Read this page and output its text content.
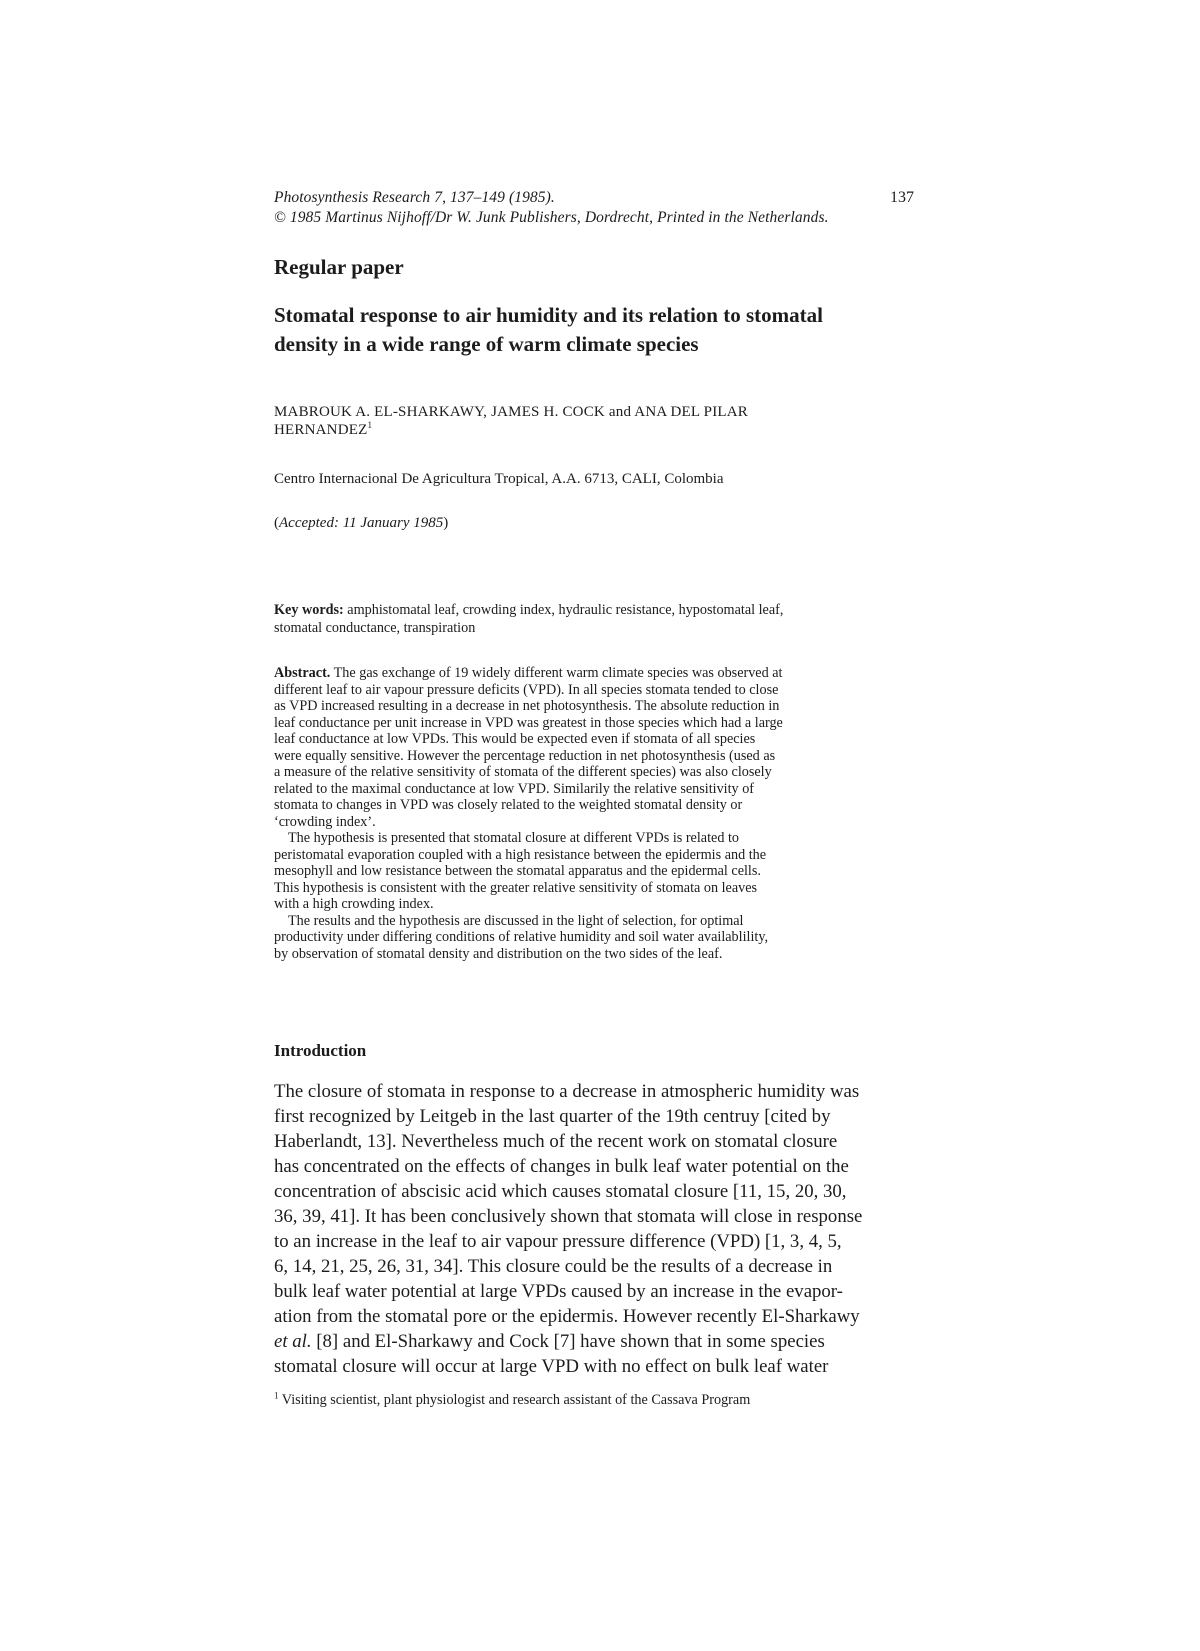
Photosynthesis Research 7, 137–149 (1985).
© 1985 Martinus Nijhoff/Dr W. Junk Publishers, Dordrecht, Printed in the Netherlands.
137
Regular paper
Stomatal response to air humidity and its relation to stomatal
density in a wide range of warm climate species
MABROUK A. EL-SHARKAWY, JAMES H. COCK and ANA DEL PILAR
HERNANDEZ$^1$
Centro Internacional De Agricultura Tropical, A.A. 6713, CALI, Colombia
(Accepted: 11 January 1985)
Key words: amphistomatal leaf, crowding index, hydraulic resistance, hypostomatal leaf,
stomatal conductance, transpiration
Abstract. The gas exchange of 19 widely different warm climate species was observed at
different leaf to air vapour pressure deficits (VPD). In all species stomata tended to close
as VPD increased resulting in a decrease in net photosynthesis. The absolute reduction in
leaf conductance per unit increase in VPD was greatest in those species which had a large
leaf conductance at low VPDs. This would be expected even if stomata of all species
were equally sensitive. However the percentage reduction in net photosynthesis (used as
a measure of the relative sensitivity of stomata of the different species) was also closely
related to the maximal conductance at low VPD. Similarily the relative sensitivity of
stomata to changes in VPD was closely related to the weighted stomatal density or
‘crowding index’.
The hypothesis is presented that stomatal closure at different VPDs is related to
peristomatal evaporation coupled with a high resistance between the epidermis and the
mesophyll and low resistance between the stomatal apparatus and the epidermal cells.
This hypothesis is consistent with the greater relative sensitivity of stomata on leaves
with a high crowding index.
The results and the hypothesis are discussed in the light of selection, for optimal
productivity under differing conditions of relative humidity and soil water availablility,
by observation of stomatal density and distribution on the two sides of the leaf.
Introduction
The closure of stomata in response to a decrease in atmospheric humidity was
first recognized by Leitgeb in the last quarter of the 19th centruy [cited by
Haberlandt, 13]. Nevertheless much of the recent work on stomatal closure
has concentrated on the effects of changes in bulk leaf water potential on the
concentration of abscisic acid which causes stomatal closure [11, 15, 20, 30,
36, 39, 41]. It has been conclusively shown that stomata will close in response
to an increase in the leaf to air vapour pressure difference (VPD) [1, 3, 4, 5,
6, 14, 21, 25, 26, 31, 34]. This closure could be the results of a decrease in
bulk leaf water potential at large VPDs caused by an increase in the evapor-
ation from the stomatal pore or the epidermis. However recently El-Sharkawy
et al. [8] and El-Sharkawy and Cock [7] have shown that in some species
stomatal closure will occur at large VPD with no effect on bulk leaf water
$^1$ Visiting scientist, plant physiologist and research assistant of the Cassava Program
